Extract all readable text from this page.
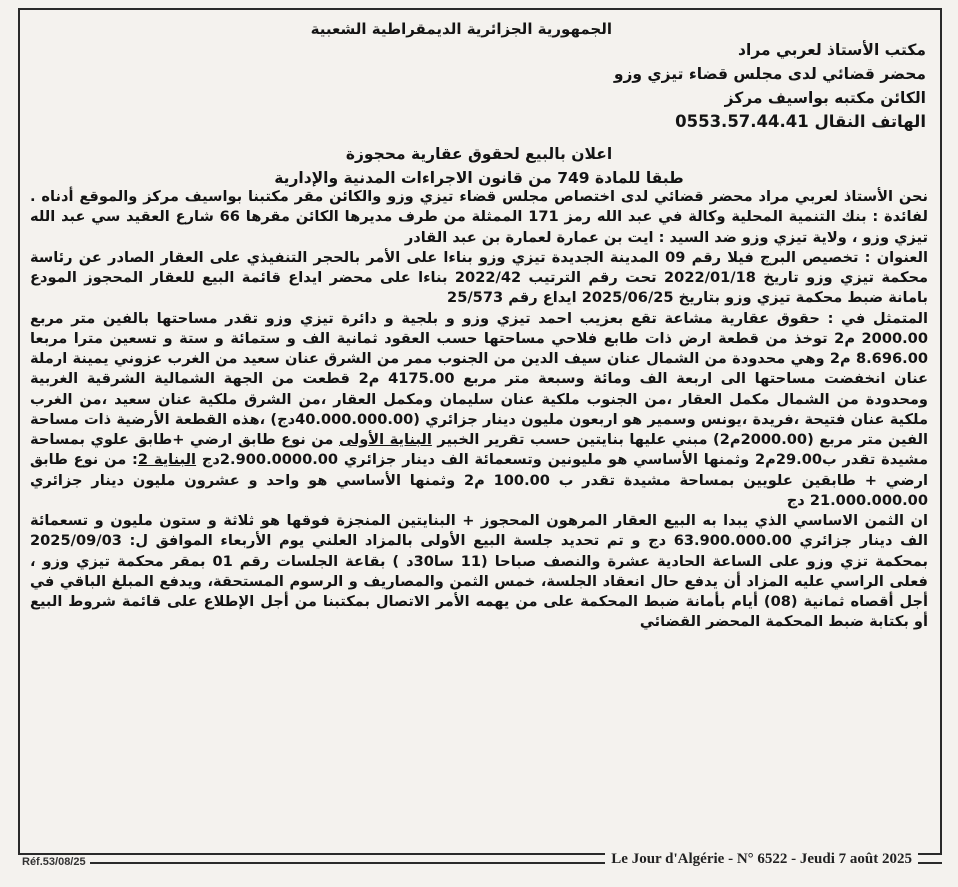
الجمهورية الجزائرية الديمقراطية الشعبية
مكتب الأستاذ لعربي مراد
محضر قضائي لدى مجلس قضاء تيزي وزو
الكائن مكتبه بواسيف مركز
الهاتف النقال 0553.57.44.41
اعلان بالبيع لحقوق عقارية محجوزة
طبقا للمادة 749 من قانون الاجراءات المدنية والإدارية

نحن الأستاذ لعربي مراد محضر قضائي لدى اختصاص مجلس قضاء تيزي وزو والكائن مقر مكتبنا بواسيف مركز والموقع أدناه . لفائدة : بنك التنمية المحلية وكالة في عبد الله رمز 171 الممثلة من طرف مديرها الكائن مقرها 66 شارع العقيد سي عبد الله تيزي وزو ، ولاية تيزي وزو ضد السيد : ايت بن عمارة لعمارة بن عبد القادر

العنوان : تخصيص البرج فيلا رقم 09 المدينة الجديدة تيزي وزو بناءا على الأمر بالحجر التنفيذي على العقار الصادر عن رئاسة محكمة تيزي وزو تاريخ 2022/01/18 تحت رقم الترتيب 2022/42 بناءا على محضر ايداع قائمة البيع للعقار المحجوز المودع بامانة ضبط محكمة تيزي وزو بتاريخ 2025/06/25 ايداع رقم 25/573

المتمثل في : حقوق عقارية مشاعة تقع بعزيب احمد تيزي وزو و بلجية و دائرة تيزي وزو تقدر مساحتها بالفين متر مربع 2000.00 م2 توخذ من قطعة ارض ذات طابع فلاحي مساحتها حسب العقود ثمانية الف و ستمائة و ستة و تسعين مترا مربعا 8.696.00 م2 وهي محدودة من الشمال عنان سيف الدين من الجنوب ممر من الشرق عنان سعيد من الغرب عزوني يمينة ارملة عنان انخفضت مساحتها الى اربعة الف ومائة وسبعة متر مربع 4175.00 م2 قطعت من الجهة الشمالية الشرقية الغربية ومحدودة من الشمال مكمل العقار ،من الجنوب ملكية عنان سليمان ومكمل العقار ،من الشرق ملكية عنان سعيد ،من الغرب ملكية عنان فتيحة ،فريدة ،يونس وسمير هو اربعون مليون دينار جزائري (40.000.000.00دج) ،هذه القطعة الأرضية ذات مساحة الفين متر مربع (2000.00م2) مبني عليها بنايتين حسب تقرير الخبير البناية الأولى من نوع طابق ارضي +طابق علوي بمساحة مشيدة تقدر ب29.00م2 وثمنها الأساسي هو مليونين وتسعمائة الف دينار جزائري 2.900.0000.00دج البناية 2: من نوع طابق ارضي + طابقين علويين بمساحة مشيدة تقدر ب 100.00 م2 وثمنها الأساسي هو واحد و عشرون مليون دينار جزائري 21.000.000.00 دج

ان الثمن الاساسي الذي يبدا به البيع العقار المرهون المحجوز + البنايتين المنجزة فوقها هو ثلاثة و ستون مليون و تسعمائة الف دينار جزائري 63.900.000.00 دج و تم تحديد جلسة البيع الأولى بالمزاد العلني يوم الأربعاء الموافق ل: 2025/09/03 بمحكمة تزي وزو على الساعة الحادية عشرة والنصف صباحا (11 سا30د ) بقاعة الجلسات رقم 01 بمقر محكمة تيزي وزو ، فعلى الراسي عليه المزاد أن يدفع حال انعقاد الجلسة، خمس الثمن والمصاريف و الرسوم المستحقة، ويدفع المبلغ الباقي في أجل أقصاه ثمانية (08) أيام بأمانة ضبط المحكمة على من يهمه الأمر الاتصال بمكتبنا من أجل الإطلاع على قائمة شروط البيع أو بكتابة ضبط المحكمة المحضر القضائي

Réf.53/08/25	Le Jour d'Algérie - N° 6522 - Jeudi 7 août 2025
